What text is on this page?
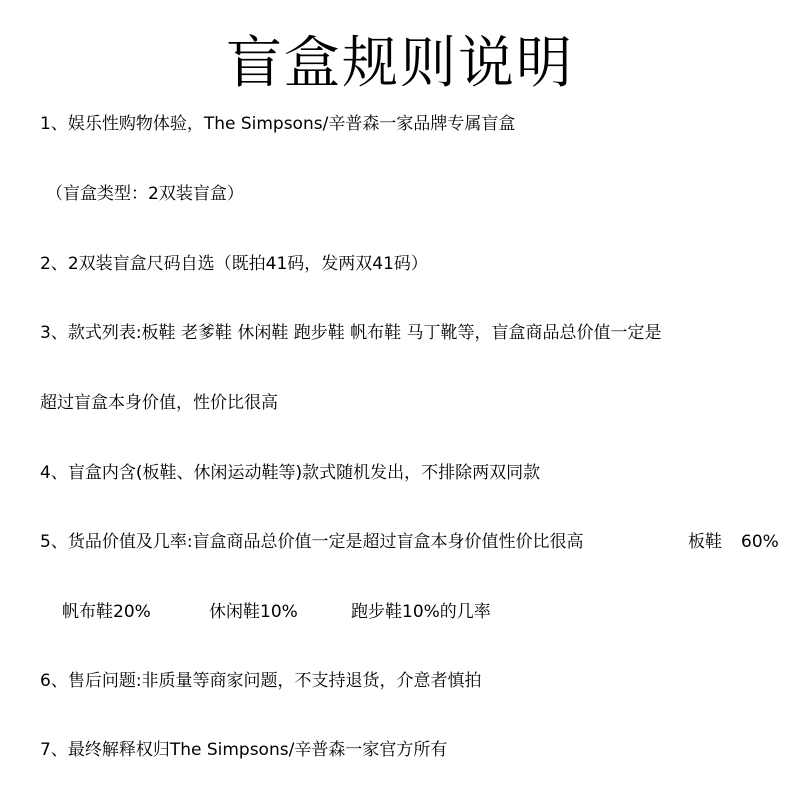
盲盒规则说明
1、娱乐性购物体验，The Simpsons/辛普森一家品牌专属盲盒
（盲盒类型：2双装盲盒）
2、2双装盲盒尺码自选（既拍41码，发两双41码）
3、款式列表:板鞋 老爹鞋 休闲鞋 跑步鞋 帆布鞋 马丁靴等，盲盒商品总价值一定是
超过盲盒本身价值，性价比很高
4、盲盒内含(板鞋、休闲运动鞋等)款式随机发出，不排除两双同款
5、货品价值及几率:盲盒商品总价值一定是超过盲盒本身价值性价比很高	板鞋 60%
帆布鞋20%	休闲鞋10%	跑步鞋10%的几率
6、售后问题:非质量等商家问题，不支持退货，介意者慎拍
7、最终解释权归The Simpsons/辛普森一家官方所有
